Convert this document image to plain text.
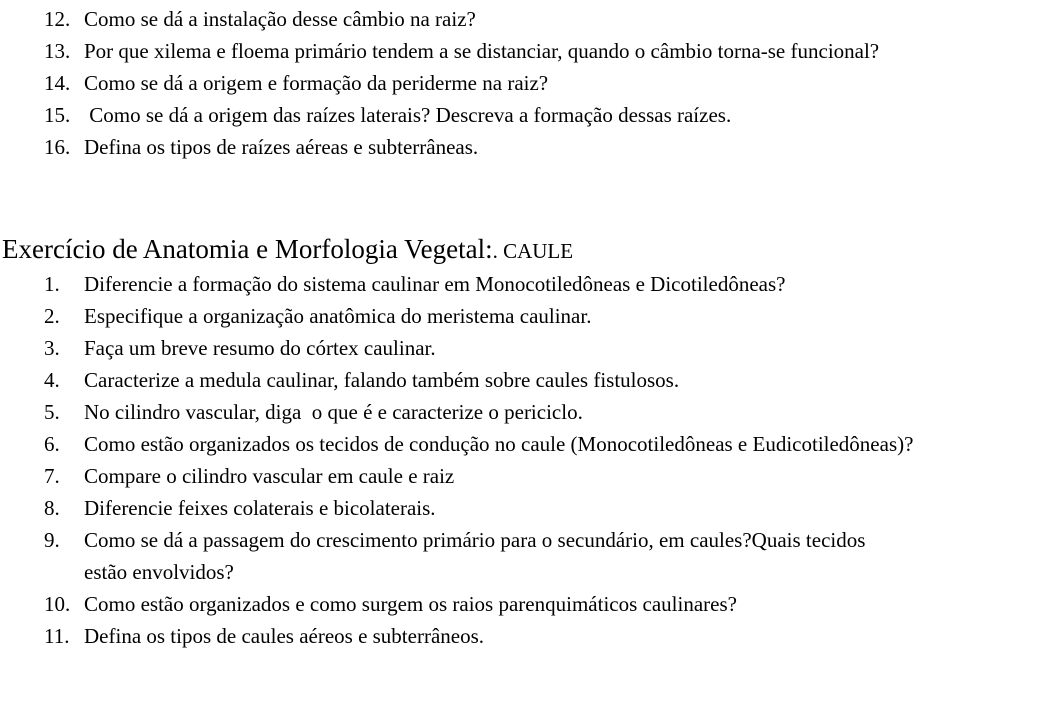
12. Como se dá a instalação desse câmbio na raiz?
13. Por que xilema e floema primário tendem a se distanciar, quando o câmbio torna-se funcional?
14. Como se dá a origem e formação da periderme na raiz?
15. Como se dá a origem das raízes laterais? Descreva a formação dessas raízes.
16. Defina os tipos de raízes aéreas e subterrâneas.
Exercício de Anatomia e Morfologia Vegetal:. CAULE
1. Diferencie a formação do sistema caulinar em Monocotiledôneas e Dicotiledôneas?
2. Especifique a organização anatômica do meristema caulinar.
3. Faça um breve resumo do córtex caulinar.
4. Caracterize a medula caulinar, falando também sobre caules fistulosos.
5. No cilindro vascular, diga  o que é e caracterize o periciclo.
6. Como estão organizados os tecidos de condução no caule (Monocotiledôneas e Eudicotiledôneas)?
7. Compare o cilindro vascular em caule e raiz
8. Diferencie feixes colaterais e bicolaterais.
9. Como se dá a passagem do crescimento primário para o secundário, em caules?Quais tecidos estão envolvidos?
10. Como estão organizados e como surgem os raios parenquimáticos caulinares?
11. Defina os tipos de caules aéreos e subterrâneos.
